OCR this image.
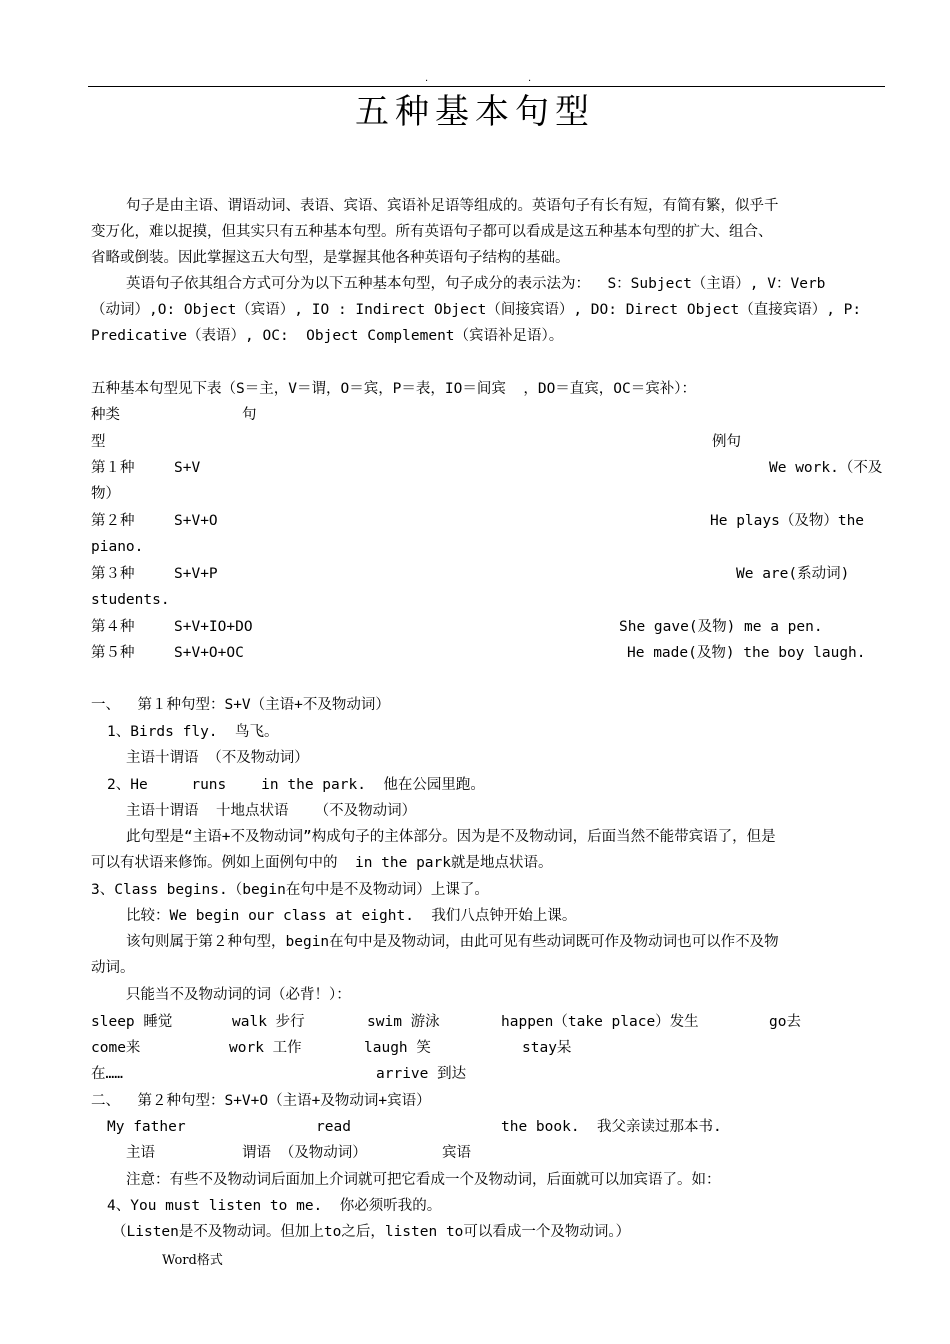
·	·
五种基本句型
句子是由主语、谓语动词、表语、宾语、宾语补足语等组成的。英语句子有长有短，有简有繁，似乎千
变万化，难以捉摸，但其实只有五种基本句型。所有英语句子都可以看成是这五种基本句型的扩大、组合、
省略或倒装。因此掌握这五大句型，是掌握其他各种英语句子结构的基础。
英语句子依其组合方式可分为以下五种基本句型，句子成分的表示法为：  S：Subject（主语）, V：Verb
（动词）,O: Object（宾语）, IO : Indirect Object（间接宾语）, DO: Direct Object（直接宾语）, P:
Predicative（表语）, OC:  Object Complement（宾语补足语）。
五种基本句型见下表（S＝主，V＝谓，O＝宾，P＝表，IO＝间宾  ，DO＝直宾，OC＝宾补）：
种类	句
型	例句
第１种	S+V	We work.（不及
物）
第２种	S+V+O	He plays（及物）the
piano.
第３种	S+V+P	We are(系动词)
students.
第４种	S+V+IO+DO	She gave(及物) me a pen.
第５种	S+V+O+OC	He made(及物) the boy laugh.
一、  第１种句型：S+V（主语+不及物动词）
1、Birds fly.  鸟飞。
主语十谓语 （不及物动词）
2、He     runs    in the park.  他在公园里跑。
主语十谓语  十地点状语   （不及物动词）
此句型是“主语+不及物动词”构成句子的主体部分。因为是不及物动词，后面当然不能带宾语了，但是
可以有状语来修饰。例如上面例句中的  in the park就是地点状语。
3、Class begins.（begin在句中是不及物动词）上课了。
比较：We begin our class at eight.  我们八点钟开始上课。
该句则属于第２种句型，begin在句中是及物动词，由此可见有些动词既可作及物动词也可以作不及物
动词。
只能当不及物动词的词（必背！）：
sleep 睡觉	walk 步行	swim 游泳	happen（take place）发生	go去
come来	work 工作	laugh 笑	stay呆
在……	arrive 到达
二、  第２种句型：S+V+O（主语+及物动词+宾语）
My father	read	the book.  我父亲读过那本书.
主语	谓语 （及物动词）	宾语
注意：有些不及物动词后面加上介词就可把它看成一个及物动词，后面就可以加宾语了。如：
4、You must listen to me.  你必须听我的。
（Listen是不及物动词。但加上to之后，listen to可以看成一个及物动词。）
Word格式
